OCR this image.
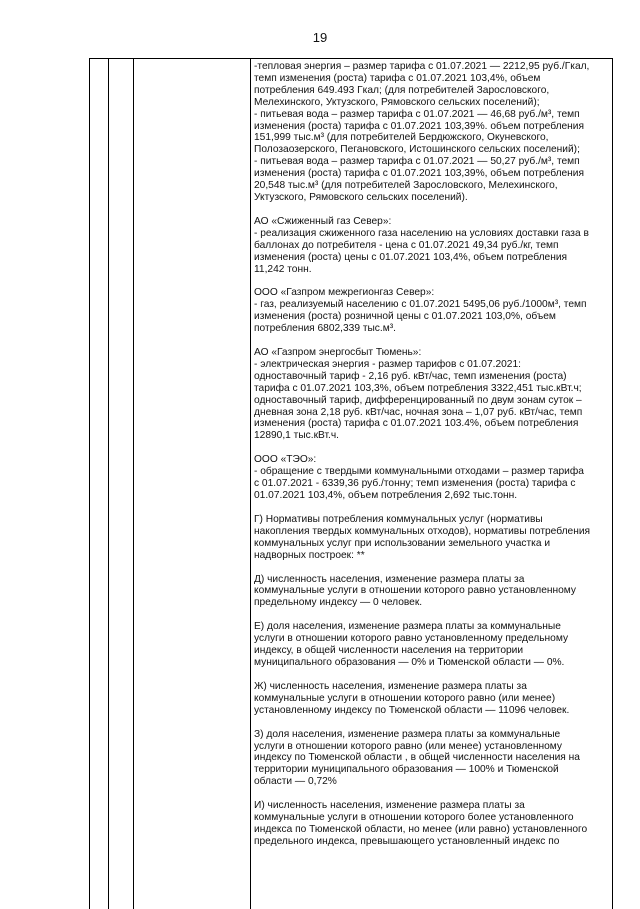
19

-тепловая энергия – размер тарифа с 01.07.2021 — 2212,95 руб./Гкал,
темп изменения (роста) тарифа с 01.07.2021 103,4%, объем
потребления 649.493 Гкал; (для потребителей Зарословского,
Мелехинского, Уктузского, Рямовского сельских поселений);
- питьевая вода – размер тарифа с 01.07.2021 — 46,68 руб./м³, темп
изменения (роста) тарифа с 01.07.2021 103,39%. объем потребления
151,999 тыс.м³ (для потребителей Бердюжского, Окуневского,
Полозаозерского, Пегановского, Истошинского сельских поселений);
- питьевая вода – размер тарифа с 01.07.2021 — 50,27 руб./м³, темп
изменения (роста) тарифа с 01.07.2021 103,39%, объем потребления
20,548 тыс.м³ (для потребителей Зарословского, Мелехинского,
Уктузского, Рямовского сельских поселений).

АО «Сжиженный газ Север»:
- реализация сжиженного газа населению на условиях доставки газа в
баллонах до потребителя - цена с 01.07.2021 49,34 руб./кг, темп
изменения (роста) цены с 01.07.2021 103,4%, объем потребления
11,242 тонн.

ООО «Газпром межрегионгаз Север»:
- газ, реализуемый населению с 01.07.2021 5495,06 руб./1000м³, темп
изменения (роста) розничной цены с 01.07.2021 103,0%, объем
потребления 6802,339 тыс.м³.

АО «Газпром энергосбыт Тюмень»:
- электрическая энергия - размер тарифов с 01.07.2021:
одноставочный тариф - 2,16 руб. кВт/час, темп изменения (роста)
тарифа с 01.07.2021 103,3%, объем потребления 3322,451 тыс.кВт.ч;
одноставочный тариф, дифференцированный по двум зонам суток –
дневная зона 2,18 руб. кВт/час, ночная зона – 1,07 руб. кВт/час, темп
изменения (роста) тарифа с 01.07.2021 103.4%, объем потребления
12890,1 тыс.кВт.ч.

ООО «ТЭО»:
- обращение с твердыми коммунальными отходами – размер тарифа
с 01.07.2021 - 6339,36 руб./тонну; темп изменения (роста) тарифа с
01.07.2021 103,4%, объем потребления 2,692 тыс.тонн.

Г) Нормативы потребления коммунальных услуг (нормативы
накопления твердых коммунальных отходов), нормативы потребления
коммунальных услуг при использовании земельного участка и
надворных построек: **

Д) численность населения, изменение размера платы за
коммунальные услуги в отношении которого равно установленному
предельному индексу — 0 человек.

Е) доля населения, изменение размера платы за коммунальные
услуги в отношении которого равно установленному предельному
индексу, в общей численности населения на территории
муниципального образования — 0% и Тюменской области — 0%.

Ж) численность населения, изменение размера платы за
коммунальные услуги в отношении которого равно (или менее)
установленному индексу по Тюменской области — 11096 человек.

З) доля населения, изменение размера платы за коммунальные
услуги в отношении которого равно (или менее) установленному
индексу по Тюменской области , в общей численности населения на
территории муниципального образования — 100% и Тюменской
области — 0,72%

И) численность населения, изменение размера платы за
коммунальные услуги в отношении которого более установленного
индекса по Тюменской области, но менее (или равно) установленного
предельного индекса, превышающего установленный индекс по
